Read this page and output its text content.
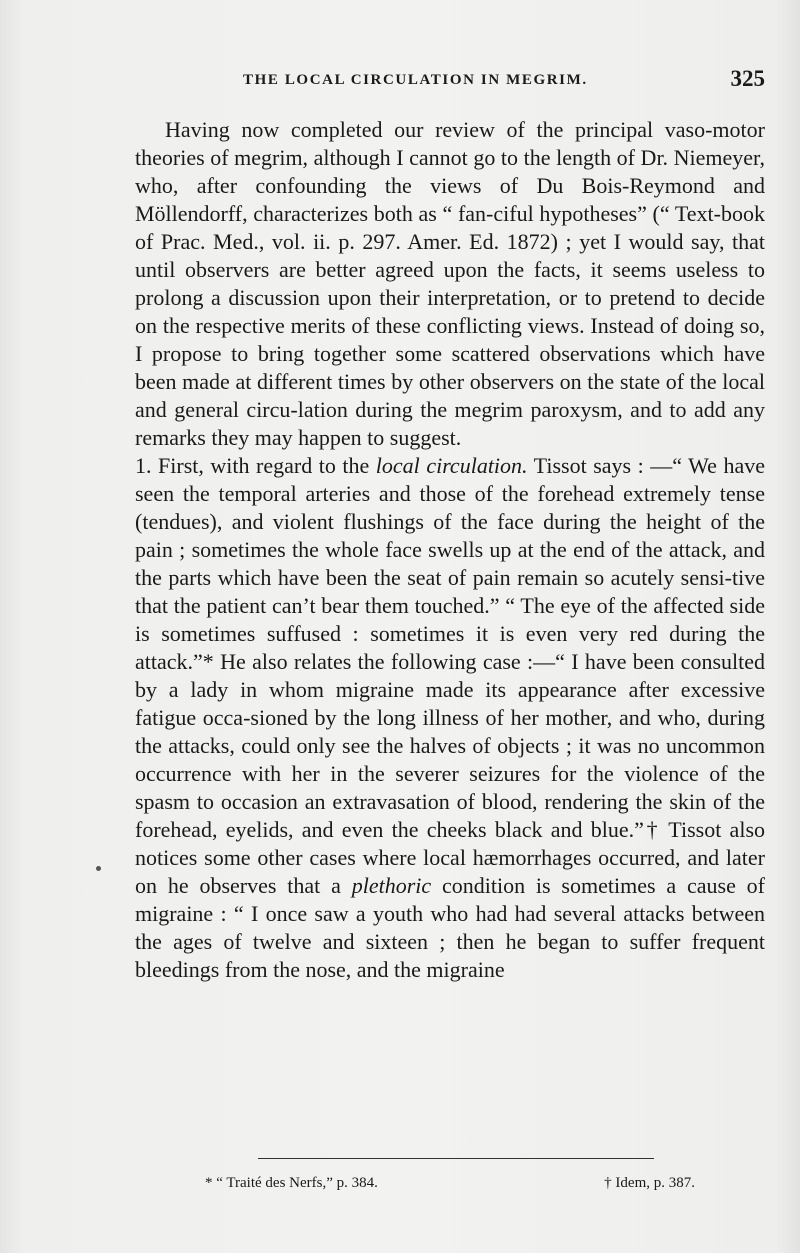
THE LOCAL CIRCULATION IN MEGRIM.	325

Having now completed our review of the principal vaso-motor theories of megrim, although I cannot go to the length of Dr. Niemeyer, who, after confounding the views of Du Bois-Reymond and Möllendorff, characterizes both as “ fan-ciful hypotheses” (“ Text-book of Prac. Med., vol. ii. p. 297. Amer. Ed. 1872) ; yet I would say, that until observers are better agreed upon the facts, it seems useless to prolong a discussion upon their interpretation, or to pretend to decide on the respective merits of these conflicting views. Instead of doing so, I propose to bring together some scattered observations which have been made at different times by other observers on the state of the local and general circu-lation during the megrim paroxysm, and to add any remarks they may happen to suggest.

1. First, with regard to the local circulation. Tissot says : —“ We have seen the temporal arteries and those of the forehead extremely tense (tendues), and violent flushings of the face during the height of the pain ; sometimes the whole face swells up at the end of the attack, and the parts which have been the seat of pain remain so acutely sensi-tive that the patient can’t bear them touched.” “ The eye of the affected side is sometimes suffused : sometimes it is even very red during the attack.”* He also relates the following case :—“ I have been consulted by a lady in whom migraine made its appearance after excessive fatigue occa-sioned by the long illness of her mother, and who, during the attacks, could only see the halves of objects ; it was no uncommon occurrence with her in the severer seizures for the violence of the spasm to occasion an extravasation of blood, rendering the skin of the forehead, eyelids, and even the cheeks black and blue.”† Tissot also notices some other cases where local hæmorrhages occurred, and later on he observes that a plethoric condition is sometimes a cause of migraine : “ I once saw a youth who had had several attacks between the ages of twelve and sixteen ; then he began to suffer frequent bleedings from the nose, and the migraine

* “ Traité des Nerfs,” p. 384.	† Idem, p. 387.
